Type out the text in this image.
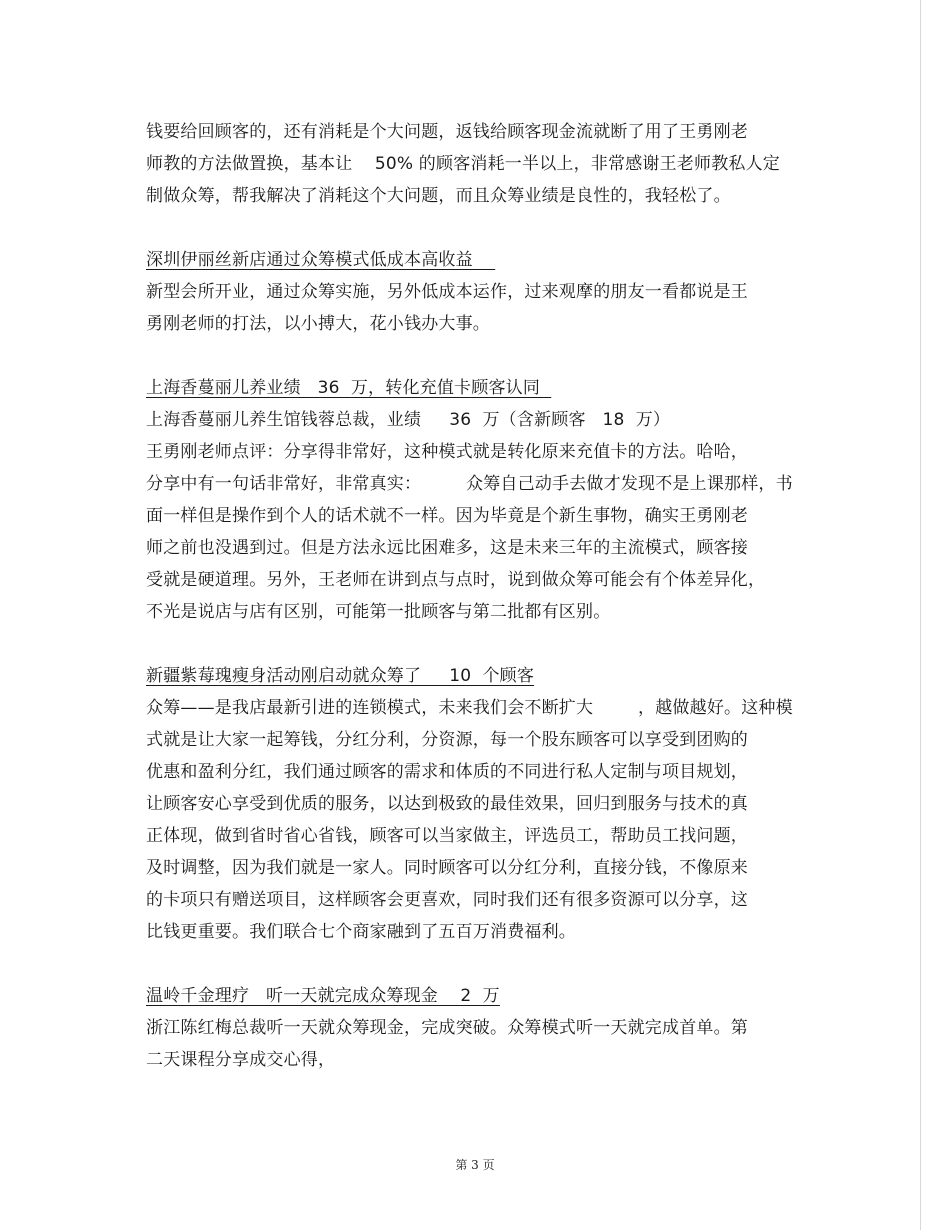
钱要给回顾客的，还有消耗是个大问题，返钱给顾客现金流就断了用了王勇刚老
师教的方法做置换，基本让    50% 的顾客消耗一半以上，非常感谢王老师教私人定
制做众筹，帮我解决了消耗这个大问题，而且众筹业绩是良性的，我轻松了。
深圳伊丽丝新店通过众筹模式低成本高收益
新型会所开业，通过众筹实施，另外低成本运作，过来观摩的朋友一看都说是王
勇刚老师的打法，以小搏大，花小钱办大事。
上海香蔓丽儿养业绩   36  万，转化充值卡顾客认同
上海香蔓丽儿养生馆钱蓉总裁，业绩     36  万（含新顾客   18  万）
王勇刚老师点评：分享得非常好，这种模式就是转化原来充值卡的方法。哈哈，
分享中有一句话非常好，非常真实：        众筹自己动手去做才发现不是上课那样，书
面一样但是操作到个人的话术就不一样。因为毕竟是个新生事物，确实王勇刚老
师之前也没遇到过。但是方法永远比困难多，这是未来三年的主流模式，顾客接
受就是硬道理。另外，王老师在讲到点与点时，说到做众筹可能会有个体差异化，
不光是说店与店有区别，可能第一批顾客与第二批都有区别。
新疆紫莓瑰瘦身活动刚启动就众筹了     10  个顾客
众筹——是我店最新引进的连锁模式，未来我们会不断扩大        ，越做越好。这种模
式就是让大家一起筹钱，分红分利，分资源，每一个股东顾客可以享受到团购的
优惠和盈利分红，我们通过顾客的需求和体质的不同进行私人定制与项目规划，
让顾客安心享受到优质的服务，以达到极致的最佳效果，回归到服务与技术的真
正体现，做到省时省心省钱，顾客可以当家做主，评选员工，帮助员工找问题，
及时调整，因为我们就是一家人。同时顾客可以分红分利，直接分钱，不像原来
的卡项只有赠送项目，这样顾客会更喜欢，同时我们还有很多资源可以分享，这
比钱更重要。我们联合七个商家融到了五百万消费福利。
温岭千金理疗   听一天就完成众筹现金    2  万
浙江陈红梅总裁听一天就众筹现金，完成突破。众筹模式听一天就完成首单。第
二天课程分享成交心得，
第 3 页
